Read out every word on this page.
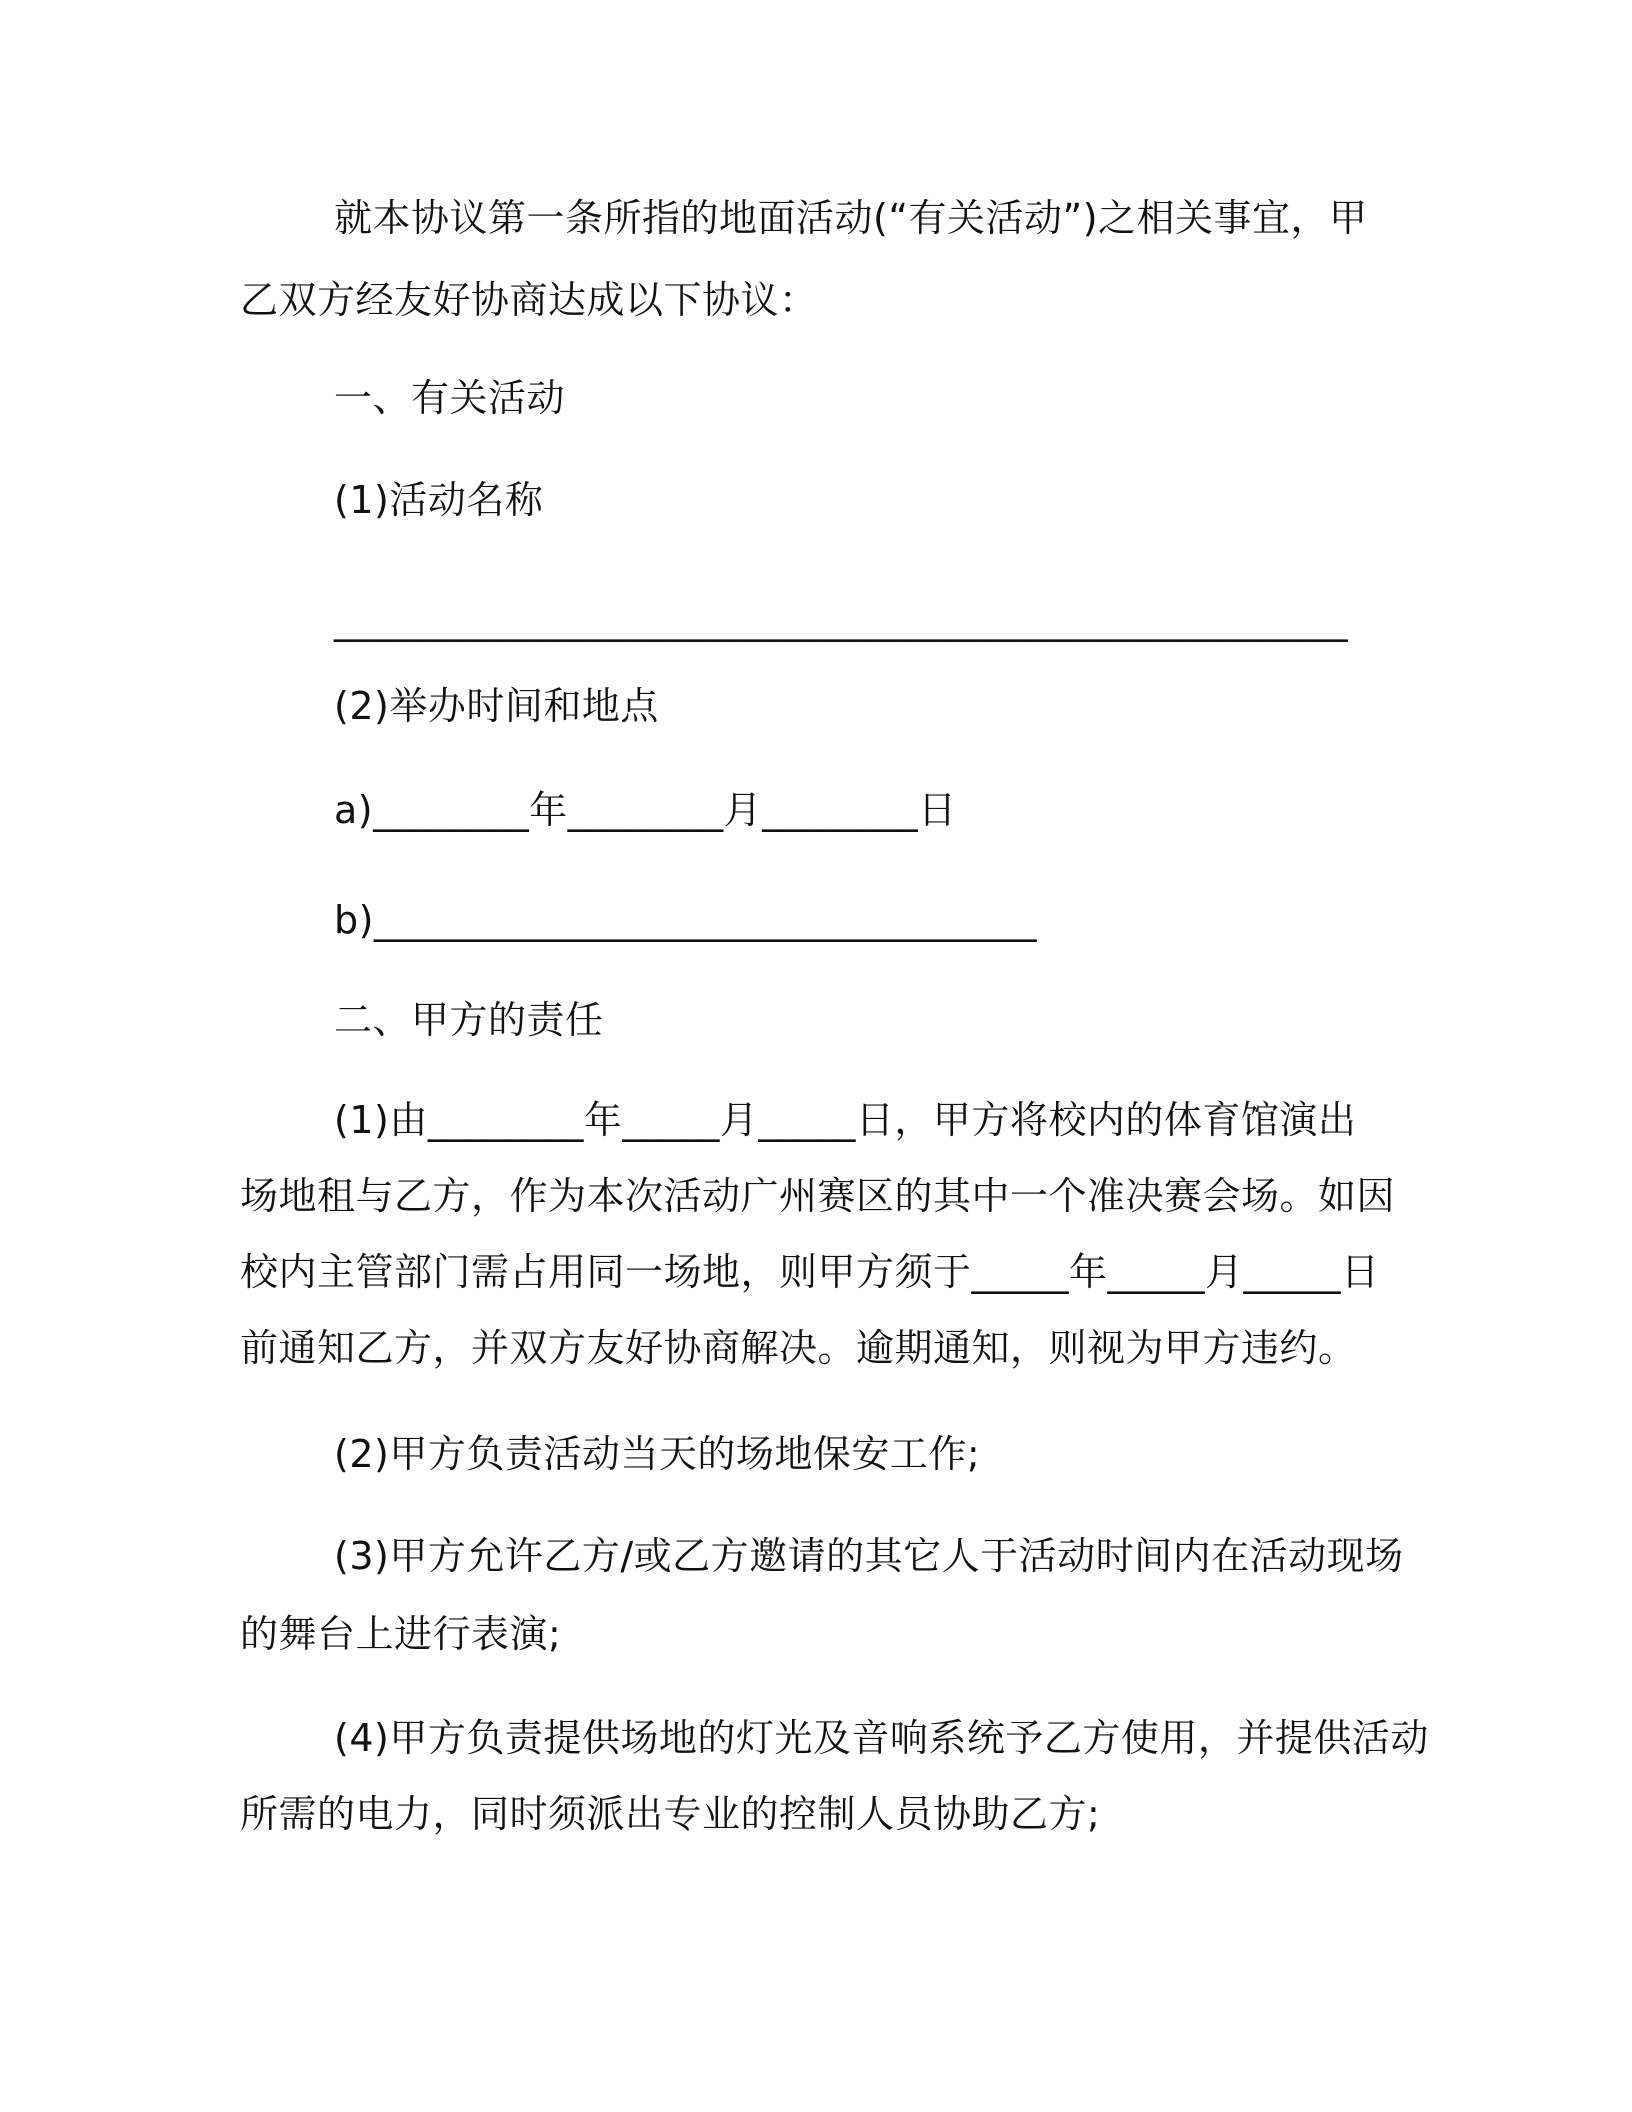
就本协议第一条所指的地面活动(“有关活动”)之相关事宜，甲
乙双方经友好协商达成以下协议：
一、有关活动
(1)活动名称
____________________________________________________
(2)举办时间和地点
a)________年________月________日
b)__________________________________
二、甲方的责任
(1)由________年_____月_____日，甲方将校内的体育馆演出
场地租与乙方，作为本次活动广州赛区的其中一个准决赛会场。如因
校内主管部门需占用同一场地，则甲方须于_____年_____月_____日
前通知乙方，并双方友好协商解决。逾期通知，则视为甲方违约。
(2)甲方负责活动当天的场地保安工作;
(3)甲方允许乙方/或乙方邀请的其它人于活动时间内在活动现场
的舞台上进行表演;
(4)甲方负责提供场地的灯光及音响系统予乙方使用，并提供活动
所需的电力，同时须派出专业的控制人员协助乙方;
